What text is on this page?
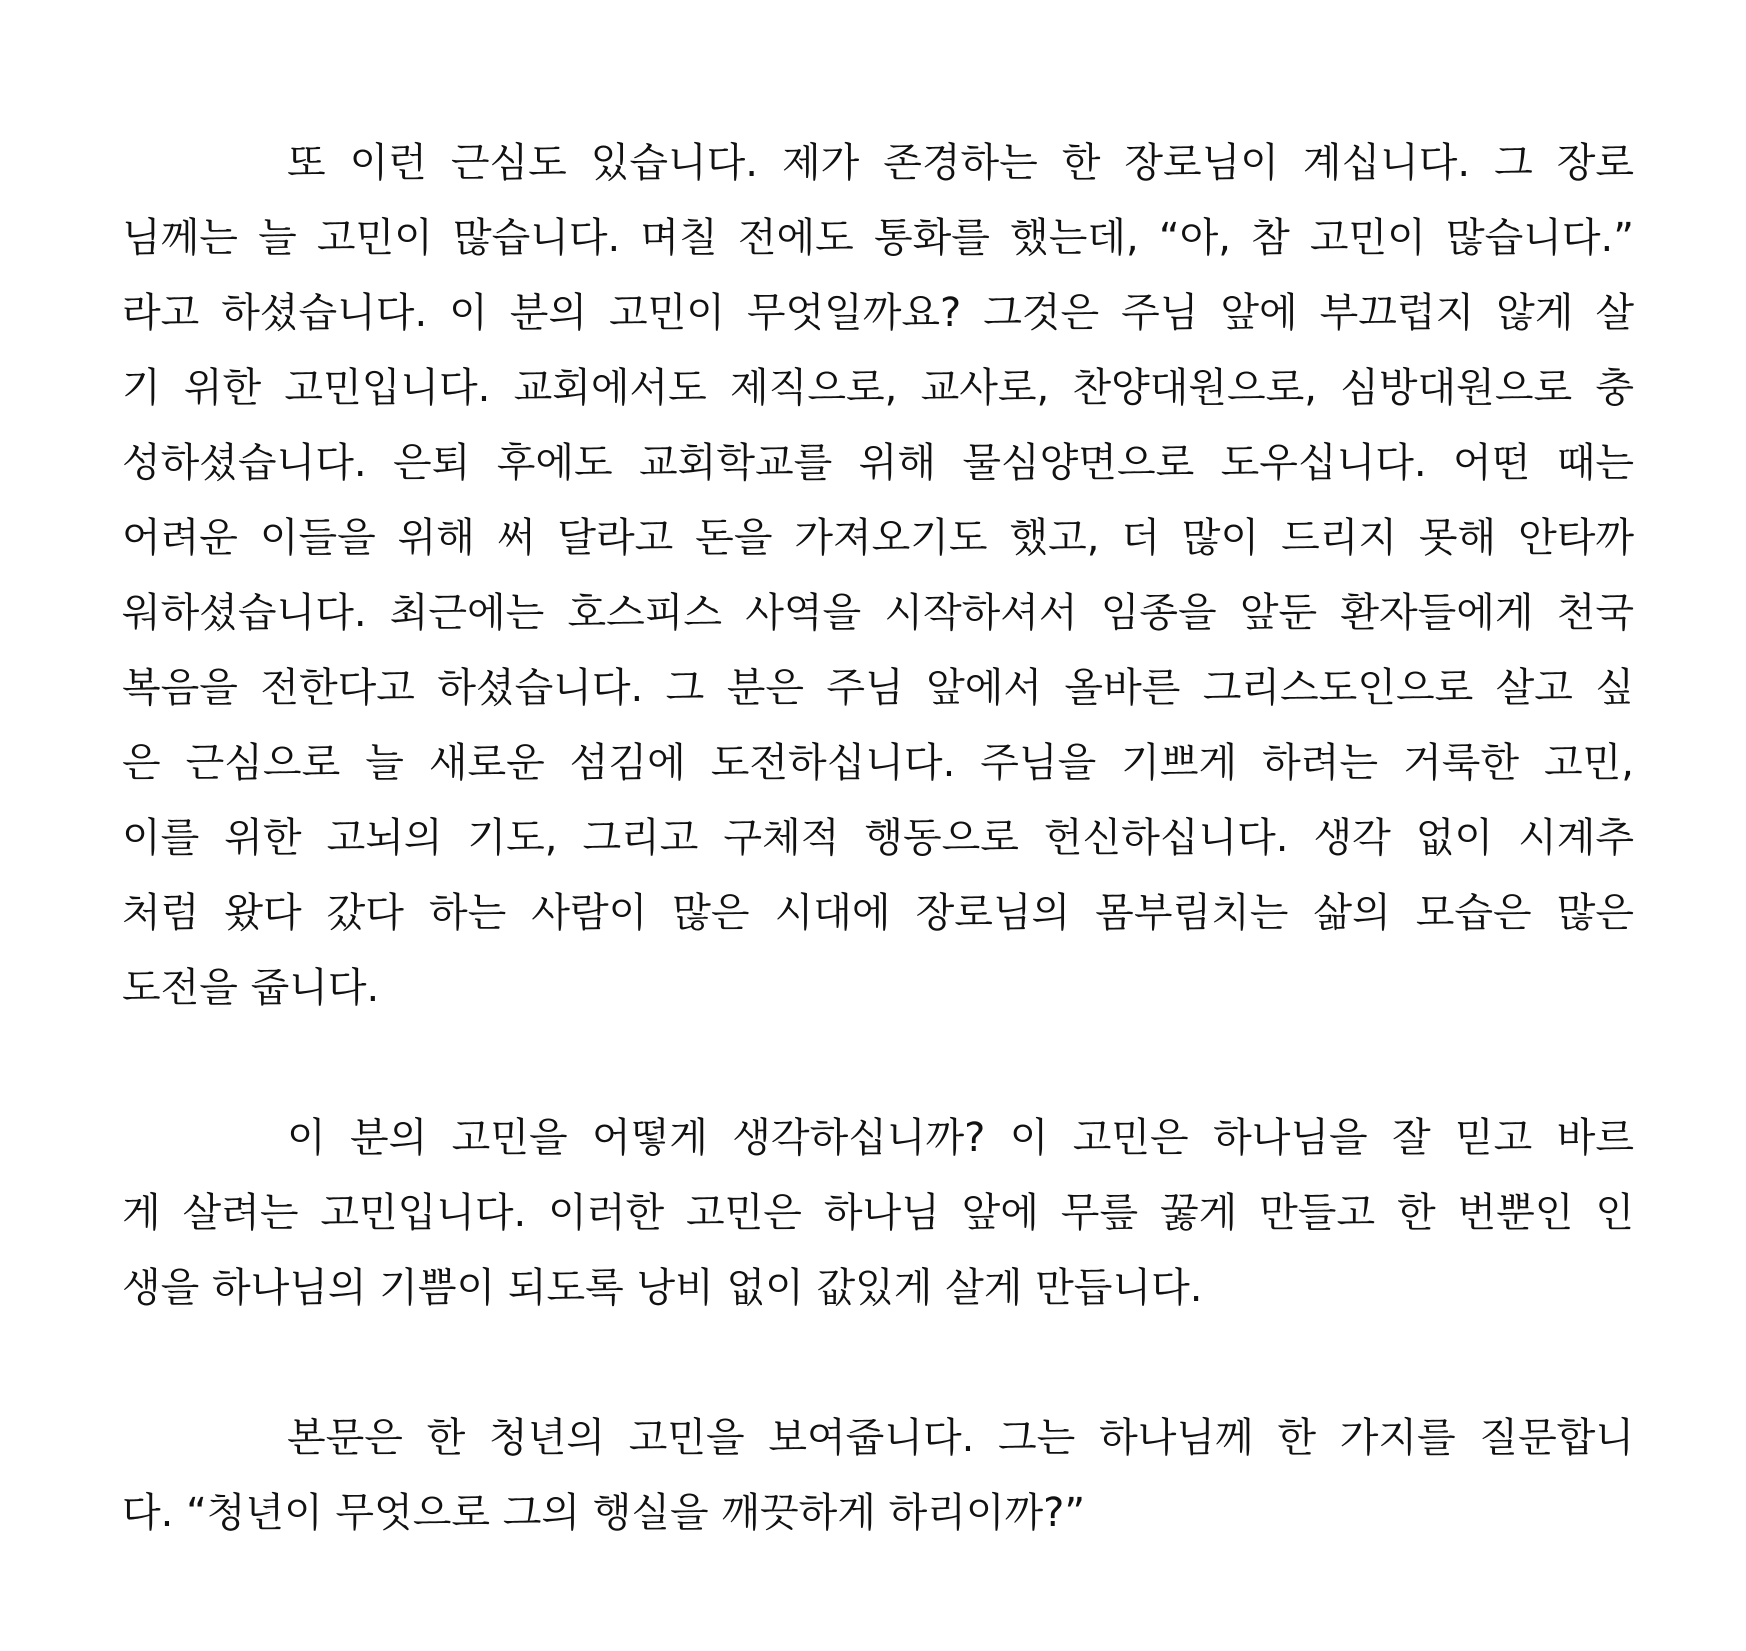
또 이런 근심도 있습니다. 제가 존경하는 한 장로님이 계십니다. 그 장로
님께는 늘 고민이 많습니다. 며칠 전에도 통화를 했는데, “아, 참 고민이 많습니다.”
라고 하셨습니다. 이 분의 고민이 무엇일까요? 그것은 주님 앞에 부끄럽지 않게 살
기 위한 고민입니다. 교회에서도 제직으로, 교사로, 찬양대원으로, 심방대원으로 충
성하셨습니다. 은퇴 후에도 교회학교를 위해 물심양면으로 도우십니다. 어떤 때는
어려운 이들을 위해 써 달라고 돈을 가져오기도 했고, 더 많이 드리지 못해 안타까
워하셨습니다. 최근에는 호스피스 사역을 시작하셔서 임종을 앞둔 환자들에게 천국
복음을 전한다고 하셨습니다. 그 분은 주님 앞에서 올바른 그리스도인으로 살고 싶
은 근심으로 늘 새로운 섬김에 도전하십니다. 주님을 기쁘게 하려는 거룩한 고민,
이를 위한 고뇌의 기도, 그리고 구체적 행동으로 헌신하십니다. 생각 없이 시계추
처럼 왔다 갔다 하는 사람이 많은 시대에 장로님의 몸부림치는 삶의 모습은 많은
도전을 줍니다.
이 분의 고민을 어떻게 생각하십니까? 이 고민은 하나님을 잘 믿고 바르
게 살려는 고민입니다. 이러한 고민은 하나님 앞에 무릎 꿇게 만들고 한 번뿐인 인
생을 하나님의 기쁨이 되도록 낭비 없이 값있게 살게 만듭니다.
본문은 한 청년의 고민을 보여줍니다. 그는 하나님께 한 가지를 질문합니
다. “청년이 무엇으로 그의 행실을 깨끗하게 하리이까?”
